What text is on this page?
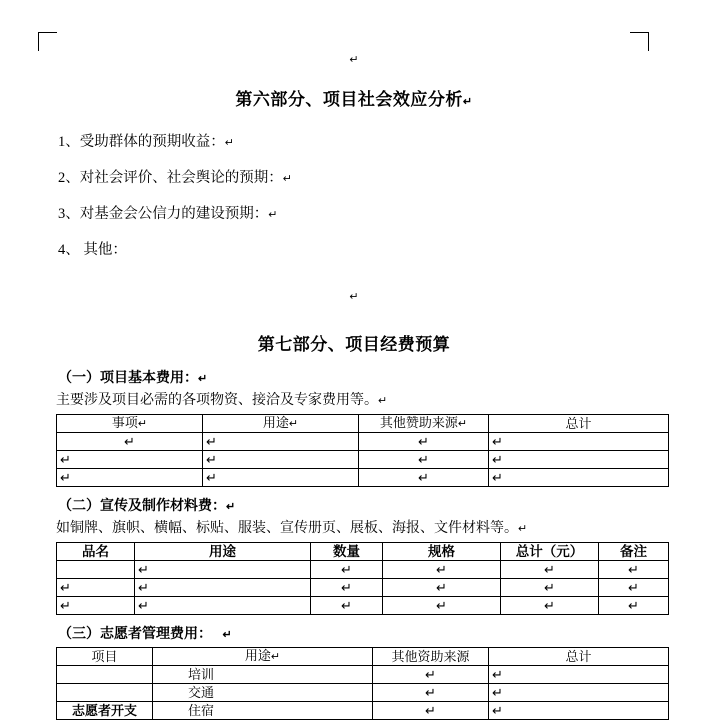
↵

第六部分、项目社会效应分析↵
1、受助群体的预期收益：↵
2、对社会评价、社会舆论的预期：↵
3、对基金会公信力的建设预期：↵
4、 其他：

↵

第七部分、项目经费预算

（一）项目基本费用：↵

主要涉及项目必需的各项物资、接洽及专家费用等。↵

事项↵	用途↵	其他赞助来源↵	总计
↵	↵	↵	↵
↵	↵	↵	↵
↵	↵	↵	↵

（二）宣传及制作材料费：↵

如铜牌、旗帜、横幅、标贴、服装、宣传册页、展板、海报、文件材料等。↵

品名	用途	数量	规格	总计（元）	备注
	↵	↵	↵	↵	↵
↵	↵	↵	↵	↵	↵
↵	↵	↵	↵	↵	↵

（三）志愿者管理费用： ↵

项目	用途↵	其他资助来源	总计
	培训	↵	↵
	交通	↵	↵
志愿者开支	住宿	↵	↵
